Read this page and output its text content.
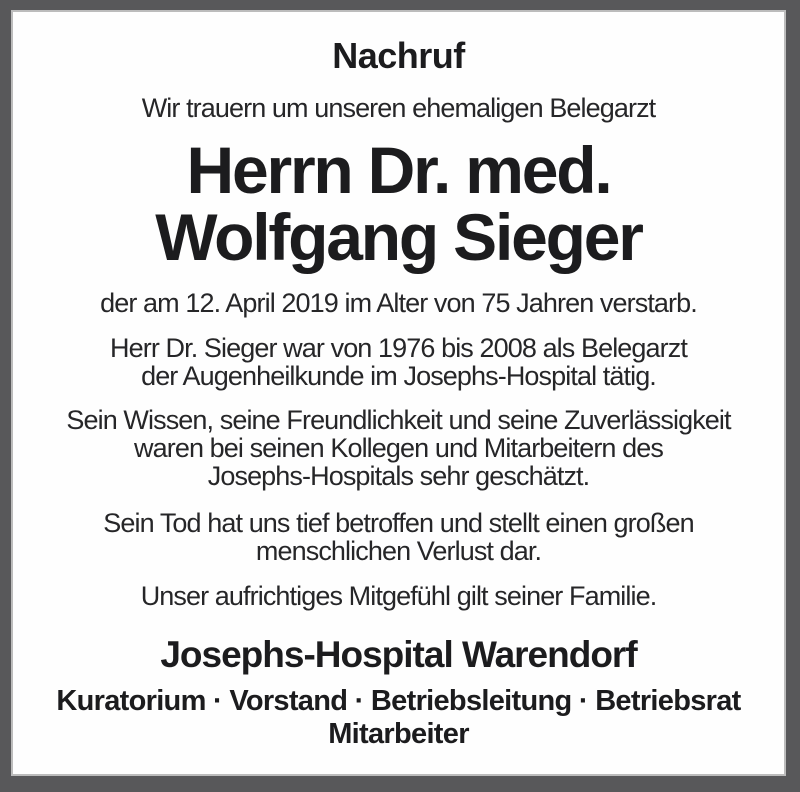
Nachruf
Wir trauern um unseren ehemaligen Belegarzt
Herrn Dr. med.
Wolfgang Sieger
der am 12. April 2019 im Alter von 75 Jahren verstarb.
Herr Dr. Sieger war von 1976 bis 2008 als Belegarzt
der Augenheilkunde im Josephs-Hospital tätig.
Sein Wissen, seine Freundlichkeit und seine Zuverlässigkeit
waren bei seinen Kollegen und Mitarbeitern des
Josephs-Hospitals sehr geschätzt.
Sein Tod hat uns tief betroffen und stellt einen großen
menschlichen Verlust dar.
Unser aufrichtiges Mitgefühl gilt seiner Familie.
Josephs-Hospital Warendorf
Kuratorium · Vorstand · Betriebsleitung · Betriebsrat
Mitarbeiter
